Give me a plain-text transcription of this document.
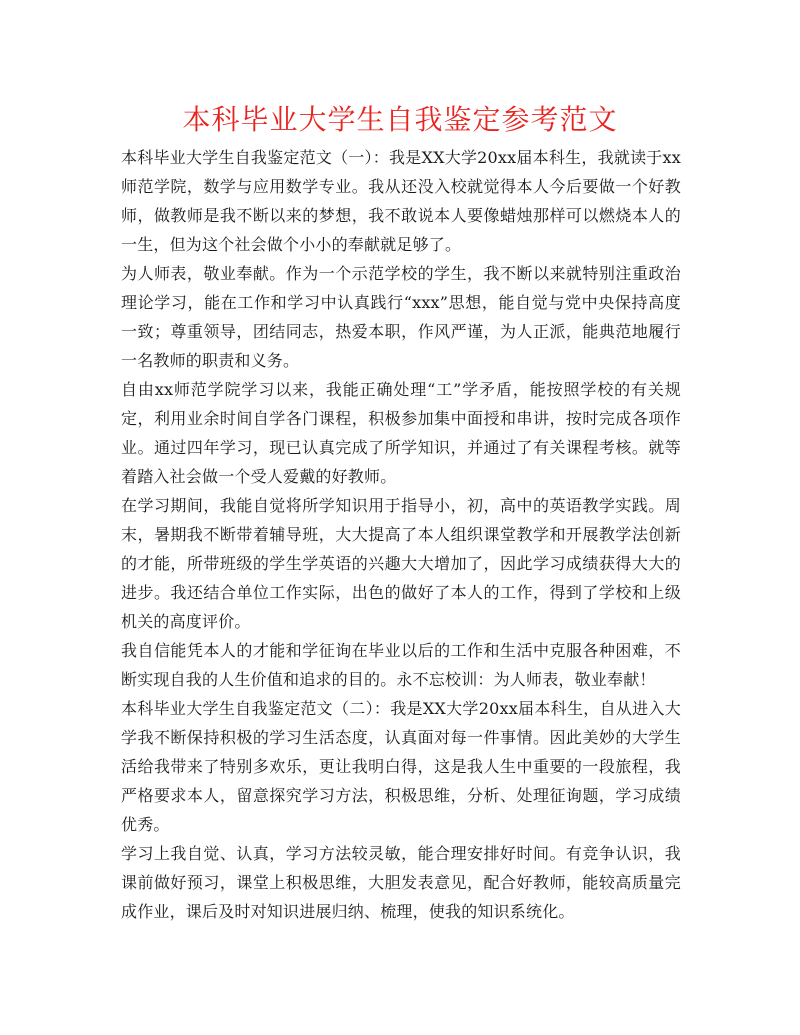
本科毕业大学生自我鉴定参考范文

本科毕业大学生自我鉴定范文（一）：我是XX大学20xx届本科生，我就读于xx师范学院，数学与应用数学专业。我从还没入校就觉得本人今后要做一个好教师，做教师是我不断以来的梦想，我不敢说本人要像蜡烛那样可以燃烧本人的一生，但为这个社会做个小小的奉献就足够了。

为人师表，敬业奉献。作为一个示范学校的学生，我不断以来就特别注重政治理论学习，能在工作和学习中认真践行“xxx”思想，能自觉与党中央保持高度一致；尊重领导，团结同志，热爱本职，作风严谨，为人正派，能典范地履行一名教师的职责和义务。

自由xx师范学院学习以来，我能正确处理“工”学矛盾，能按照学校的有关规定，利用业余时间自学各门课程，积极参加集中面授和串讲，按时完成各项作业。通过四年学习，现已认真完成了所学知识，并通过了有关课程考核。就等着踏入社会做一个受人爱戴的好教师。

在学习期间，我能自觉将所学知识用于指导小，初，高中的英语教学实践。周末，暑期我不断带着辅导班，大大提高了本人组织课堂教学和开展教学法创新的才能，所带班级的学生学英语的兴趣大大增加了，因此学习成绩获得大大的进步。我还结合单位工作实际，出色的做好了本人的工作，得到了学校和上级机关的高度评价。

我自信能凭本人的才能和学征询在毕业以后的工作和生活中克服各种困难，不断实现自我的人生价值和追求的目的。永不忘校训：为人师表，敬业奉献！

本科毕业大学生自我鉴定范文（二）：我是XX大学20xx届本科生，自从进入大学我不断保持积极的学习生活态度，认真面对每一件事情。因此美妙的大学生活给我带来了特别多欢乐，更让我明白得，这是我人生中重要的一段旅程，我严格要求本人，留意探究学习方法，积极思维，分析、处理征询题，学习成绩优秀。

学习上我自觉、认真，学习方法较灵敏，能合理安排好时间。有竞争认识，我课前做好预习，课堂上积极思维，大胆发表意见，配合好教师，能较高质量完成作业，课后及时对知识进展归纳、梳理，使我的知识系统化。
